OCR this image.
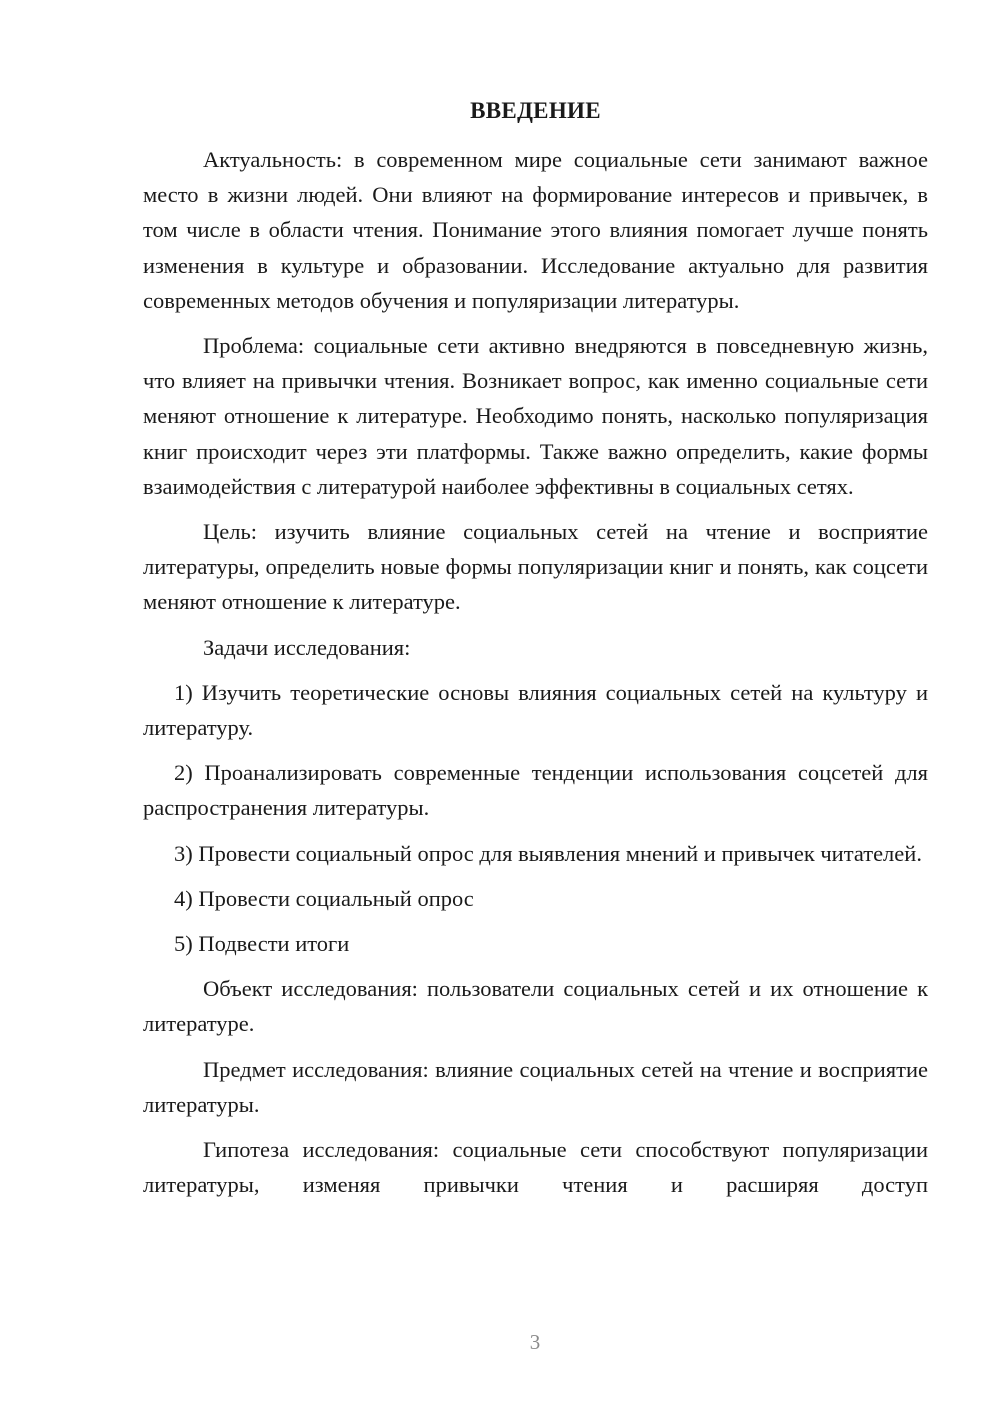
ВВЕДЕНИЕ

Актуальность: в современном мире социальные сети занимают важное место в жизни людей. Они влияют на формирование интересов и привычек, в том числе в области чтения. Понимание этого влияния помогает лучше понять изменения в культуре и образовании. Исследование актуально для развития современных методов обучения и популяризации литературы.

Проблема: социальные сети активно внедряются в повседневную жизнь, что влияет на привычки чтения. Возникает вопрос, как именно социальные сети меняют отношение к литературе. Необходимо понять, насколько популяризация книг происходит через эти платформы. Также важно определить, какие формы взаимодействия с литературой наиболее эффективны в социальных сетях.

Цель: изучить влияние социальных сетей на чтение и восприятие литературы, определить новые формы популяризации книг и понять, как соцсети меняют отношение к литературе.

Задачи исследования:

1) Изучить теоретические основы влияния социальных сетей на культуру и литературу.

2) Проанализировать современные тенденции использования соцсетей для распространения литературы.

3) Провести социальный опрос для выявления мнений и привычек читателей.

4) Провести социальный опрос

5) Подвести итоги

Объект исследования: пользователи социальных сетей и их отношение к литературе.

Предмет исследования: влияние социальных сетей на чтение и восприятие литературы.

Гипотеза исследования: социальные сети способствуют популяризации литературы, изменяя привычки чтения и расширяя доступ

3
